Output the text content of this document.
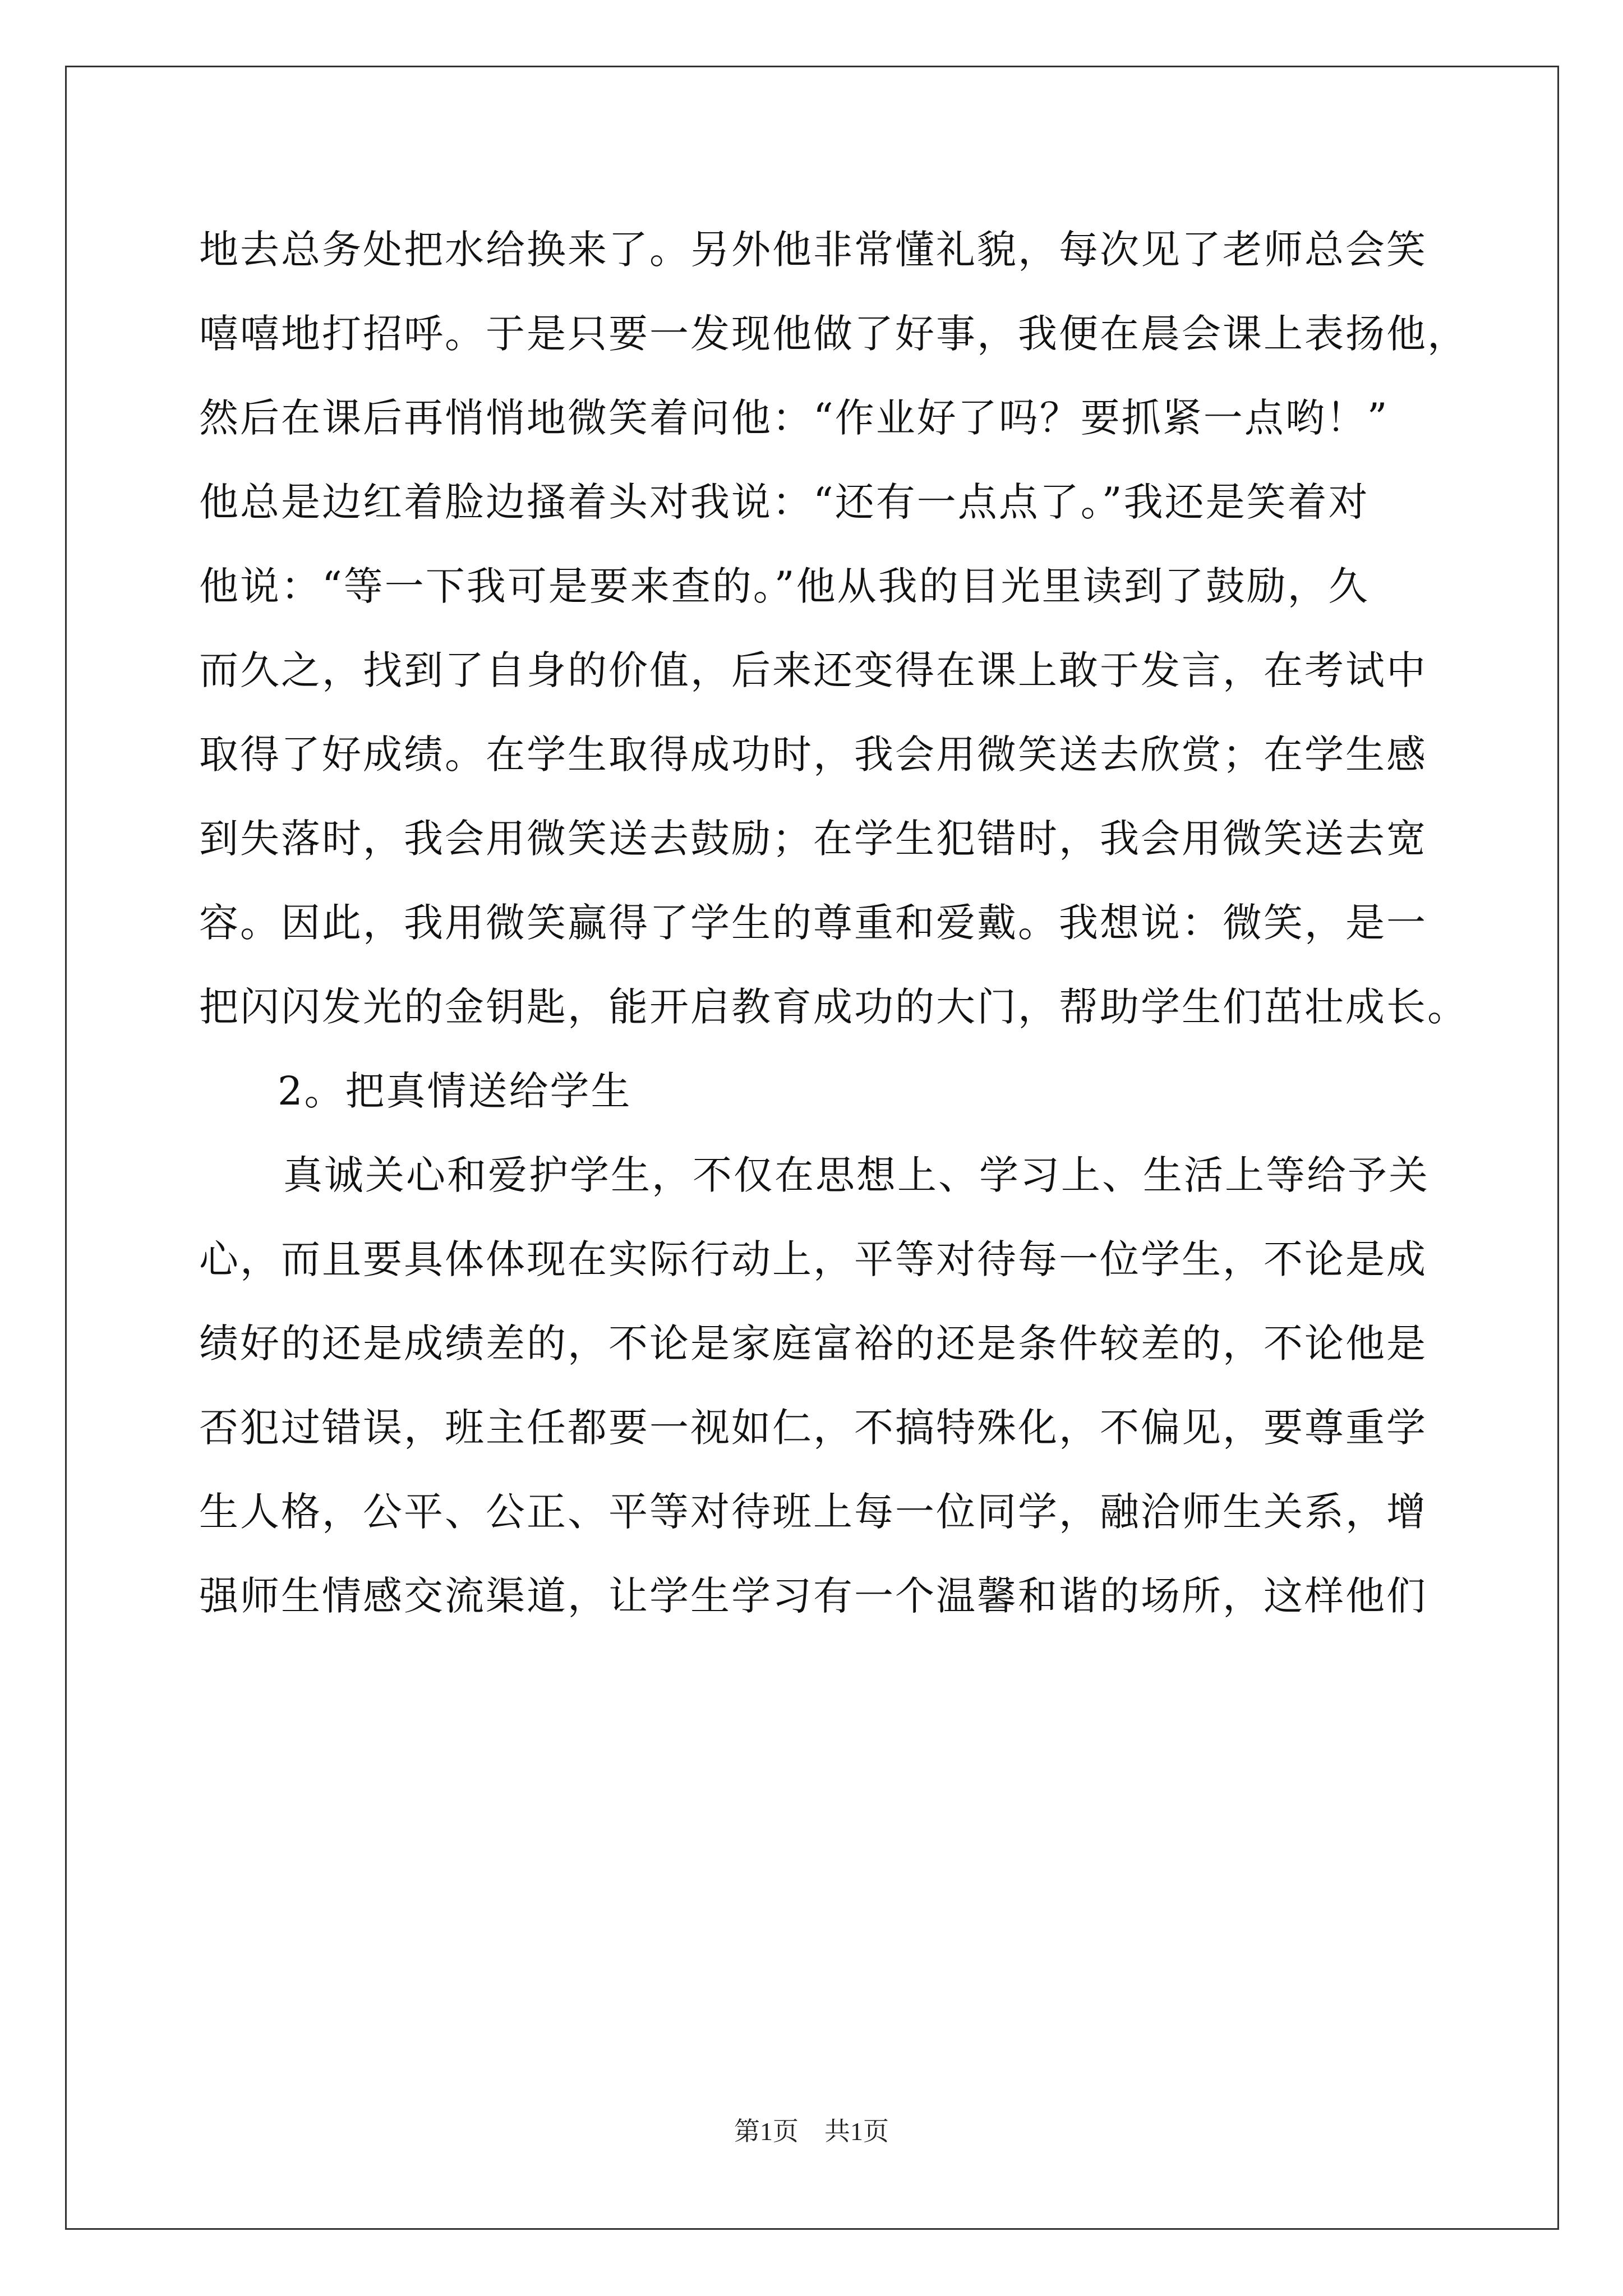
地去总务处把水给换来了。另外他非常懂礼貌，每次见了老师总会笑
嘻嘻地打招呼。于是只要一发现他做了好事，我便在晨会课上表扬他，
然后在课后再悄悄地微笑着问他：“作业好了吗？要抓紧一点哟！”
他总是边红着脸边搔着头对我说：“还有一点点了。”我还是笑着对
他说：“等一下我可是要来查的。”他从我的目光里读到了鼓励，久
而久之，找到了自身的价值，后来还变得在课上敢于发言，在考试中
取得了好成绩。在学生取得成功时，我会用微笑送去欣赏；在学生感
到失落时，我会用微笑送去鼓励；在学生犯错时，我会用微笑送去宽
容。因此，我用微笑赢得了学生的尊重和爱戴。我想说：微笑，是一
把闪闪发光的金钥匙，能开启教育成功的大门，帮助学生们茁壮成长。
2。把真情送给学生
真诚关心和爱护学生，不仅在思想上、学习上、生活上等给予关
心，而且要具体体现在实际行动上，平等对待每一位学生，不论是成
绩好的还是成绩差的，不论是家庭富裕的还是条件较差的，不论他是
否犯过错误，班主任都要一视如仁，不搞特殊化，不偏见，要尊重学
生人格，公平、公正、平等对待班上每一位同学，融洽师生关系，增
强师生情感交流渠道，让学生学习有一个温馨和谐的场所，这样他们
第1页　共1页
